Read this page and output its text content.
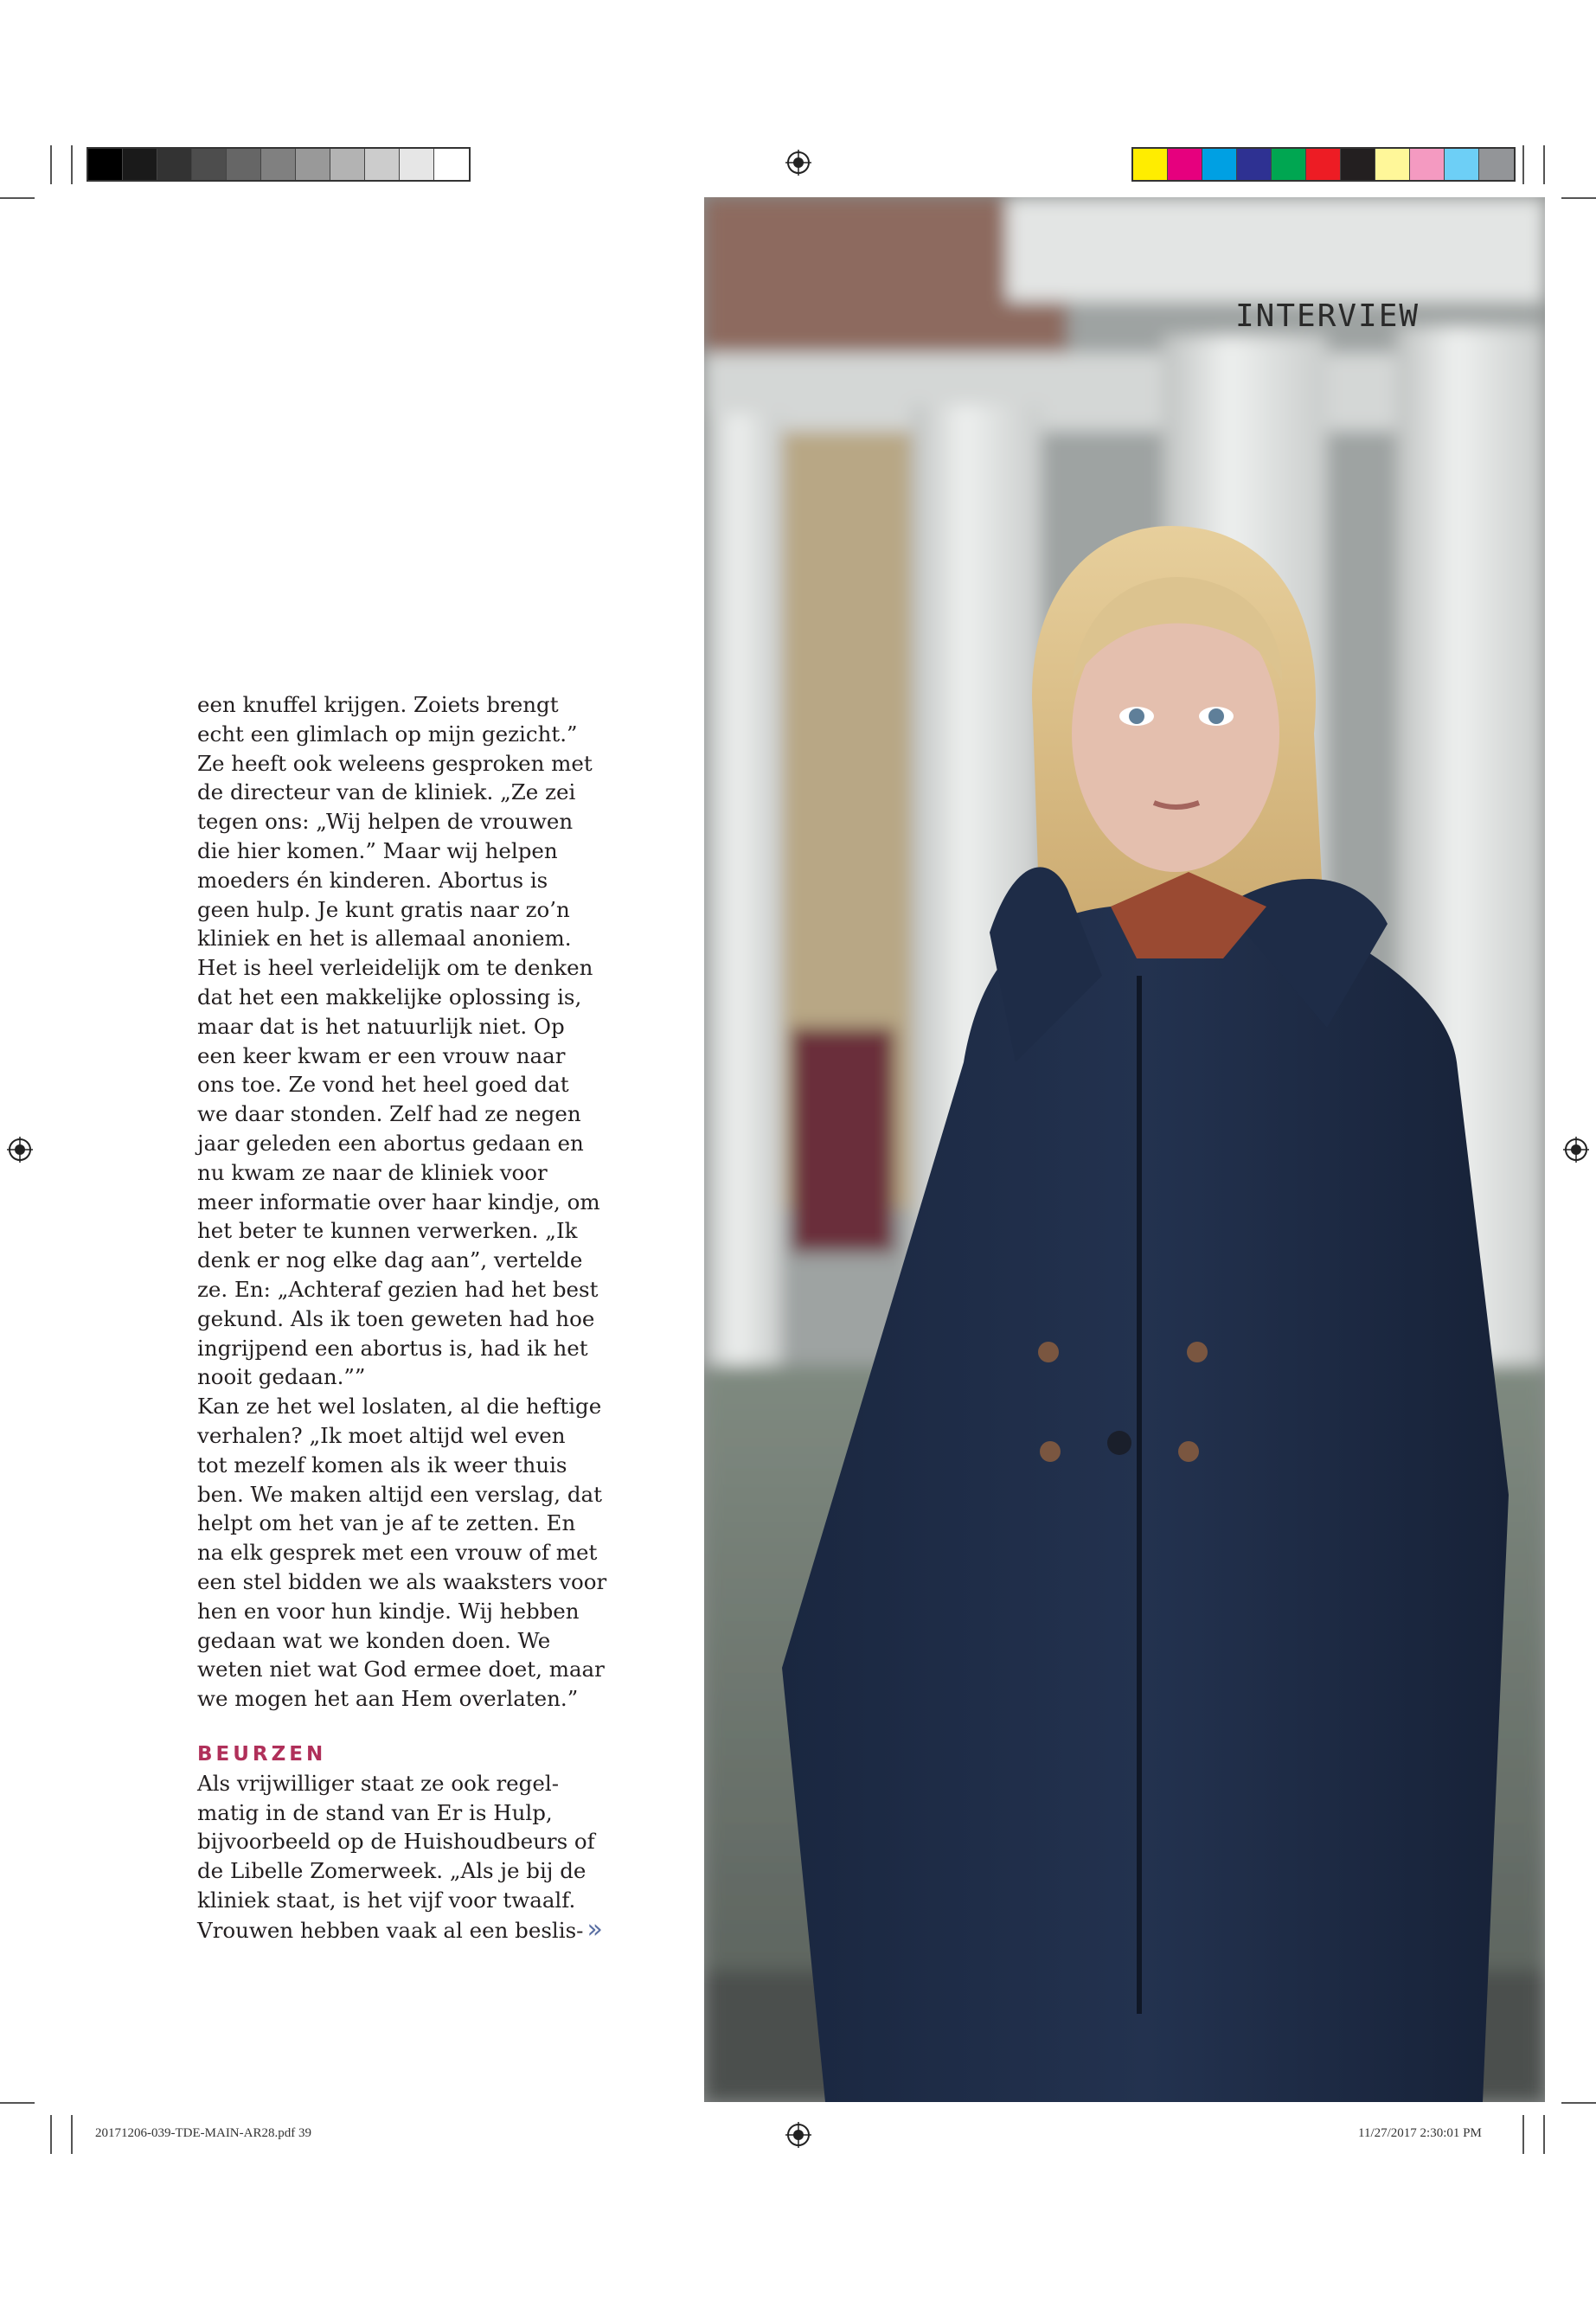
INTERVIEW
een knuffel krijgen. Zoiets brengt
echt een glimlach op mijn gezicht.”
Ze heeft ook weleens gesproken met
de directeur van de kliniek. „Ze zei
tegen ons: „Wij helpen de vrouwen
die hier komen.” Maar wij helpen
moeders én kinderen. Abortus is
geen hulp. Je kunt gratis naar zo’n
kliniek en het is allemaal anoniem.
Het is heel verleidelijk om te denken
dat het een makkelijke oplossing is,
maar dat is het natuurlijk niet. Op
een keer kwam er een vrouw naar
ons toe. Ze vond het heel goed dat
we daar stonden. Zelf had ze negen
jaar geleden een abortus gedaan en
nu kwam ze naar de kliniek voor
meer informatie over haar kindje, om
het beter te kunnen verwerken. „Ik
denk er nog elke dag aan”, vertelde
ze. En: „Achteraf gezien had het best
gekund. Als ik toen geweten had hoe
ingrijpend een abortus is, had ik het
nooit gedaan.””
Kan ze het wel loslaten, al die heftige
verhalen? „Ik moet altijd wel even
tot mezelf komen als ik weer thuis
ben. We maken altijd een verslag, dat
helpt om het van je af te zetten. En
na elk gesprek met een vrouw of met
een stel bidden we als waaksters voor
hen en voor hun kindje. Wij hebben
gedaan wat we konden doen. We
weten niet wat God ermee doet, maar
we mogen het aan Hem overlaten.”
BEURZEN
Als vrijwilliger staat ze ook regel-
matig in de stand van Er is Hulp,
bijvoorbeeld op de Huishoudbeurs of
de Libelle Zomerweek. „Als je bij de
kliniek staat, is het vijf voor twaalf.
Vrouwen hebben vaak al een beslis- »
20171206-039-TDE-MAIN-AR28.pdf 39	11/27/2017 2:30:01 PM
